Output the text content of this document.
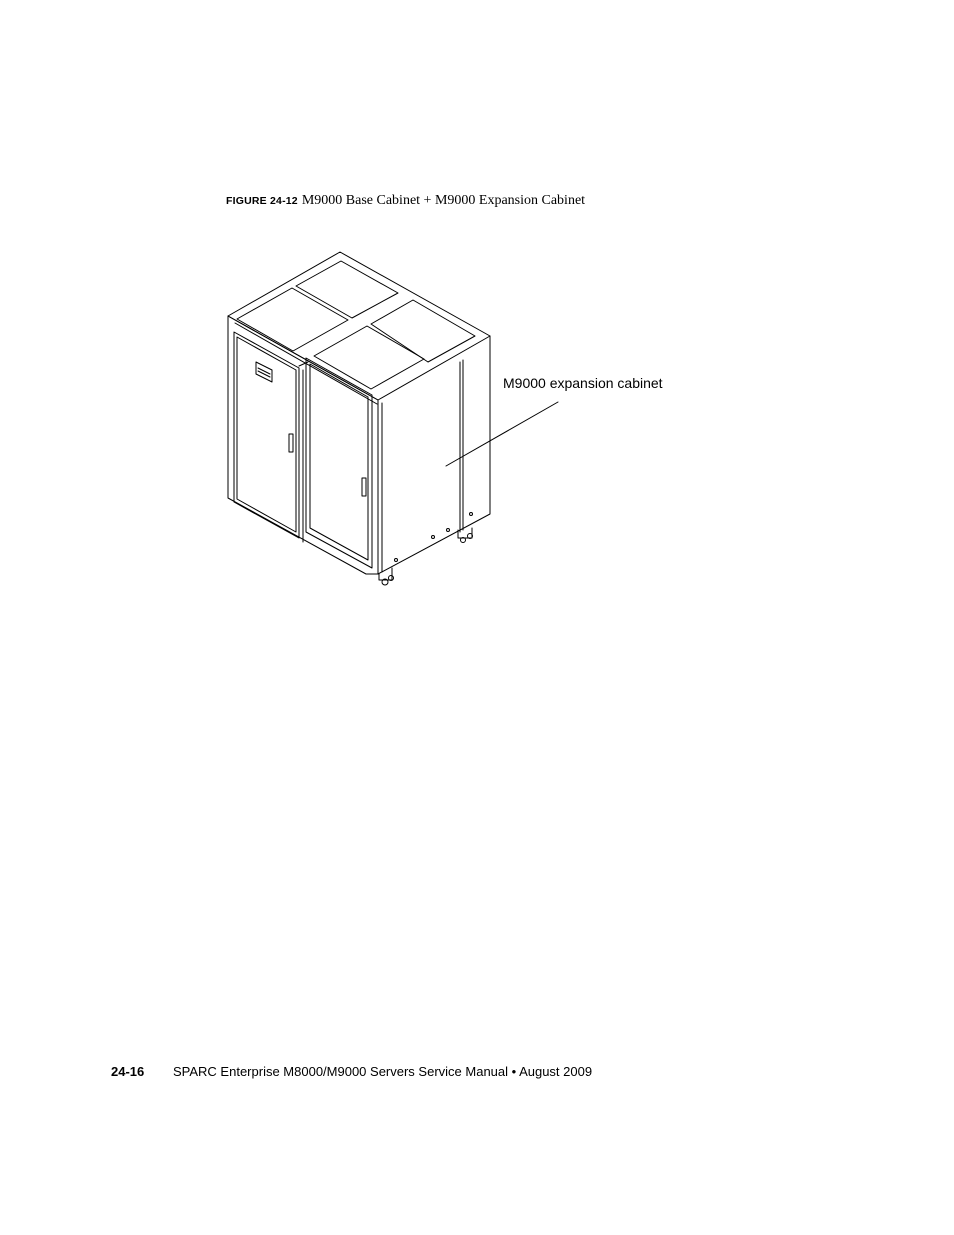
FIGURE 24-12 M9000 Base Cabinet + M9000 Expansion Cabinet
M9000 expansion cabinet
24-16 SPARC Enterprise M8000/M9000 Servers Service Manual • August 2009
